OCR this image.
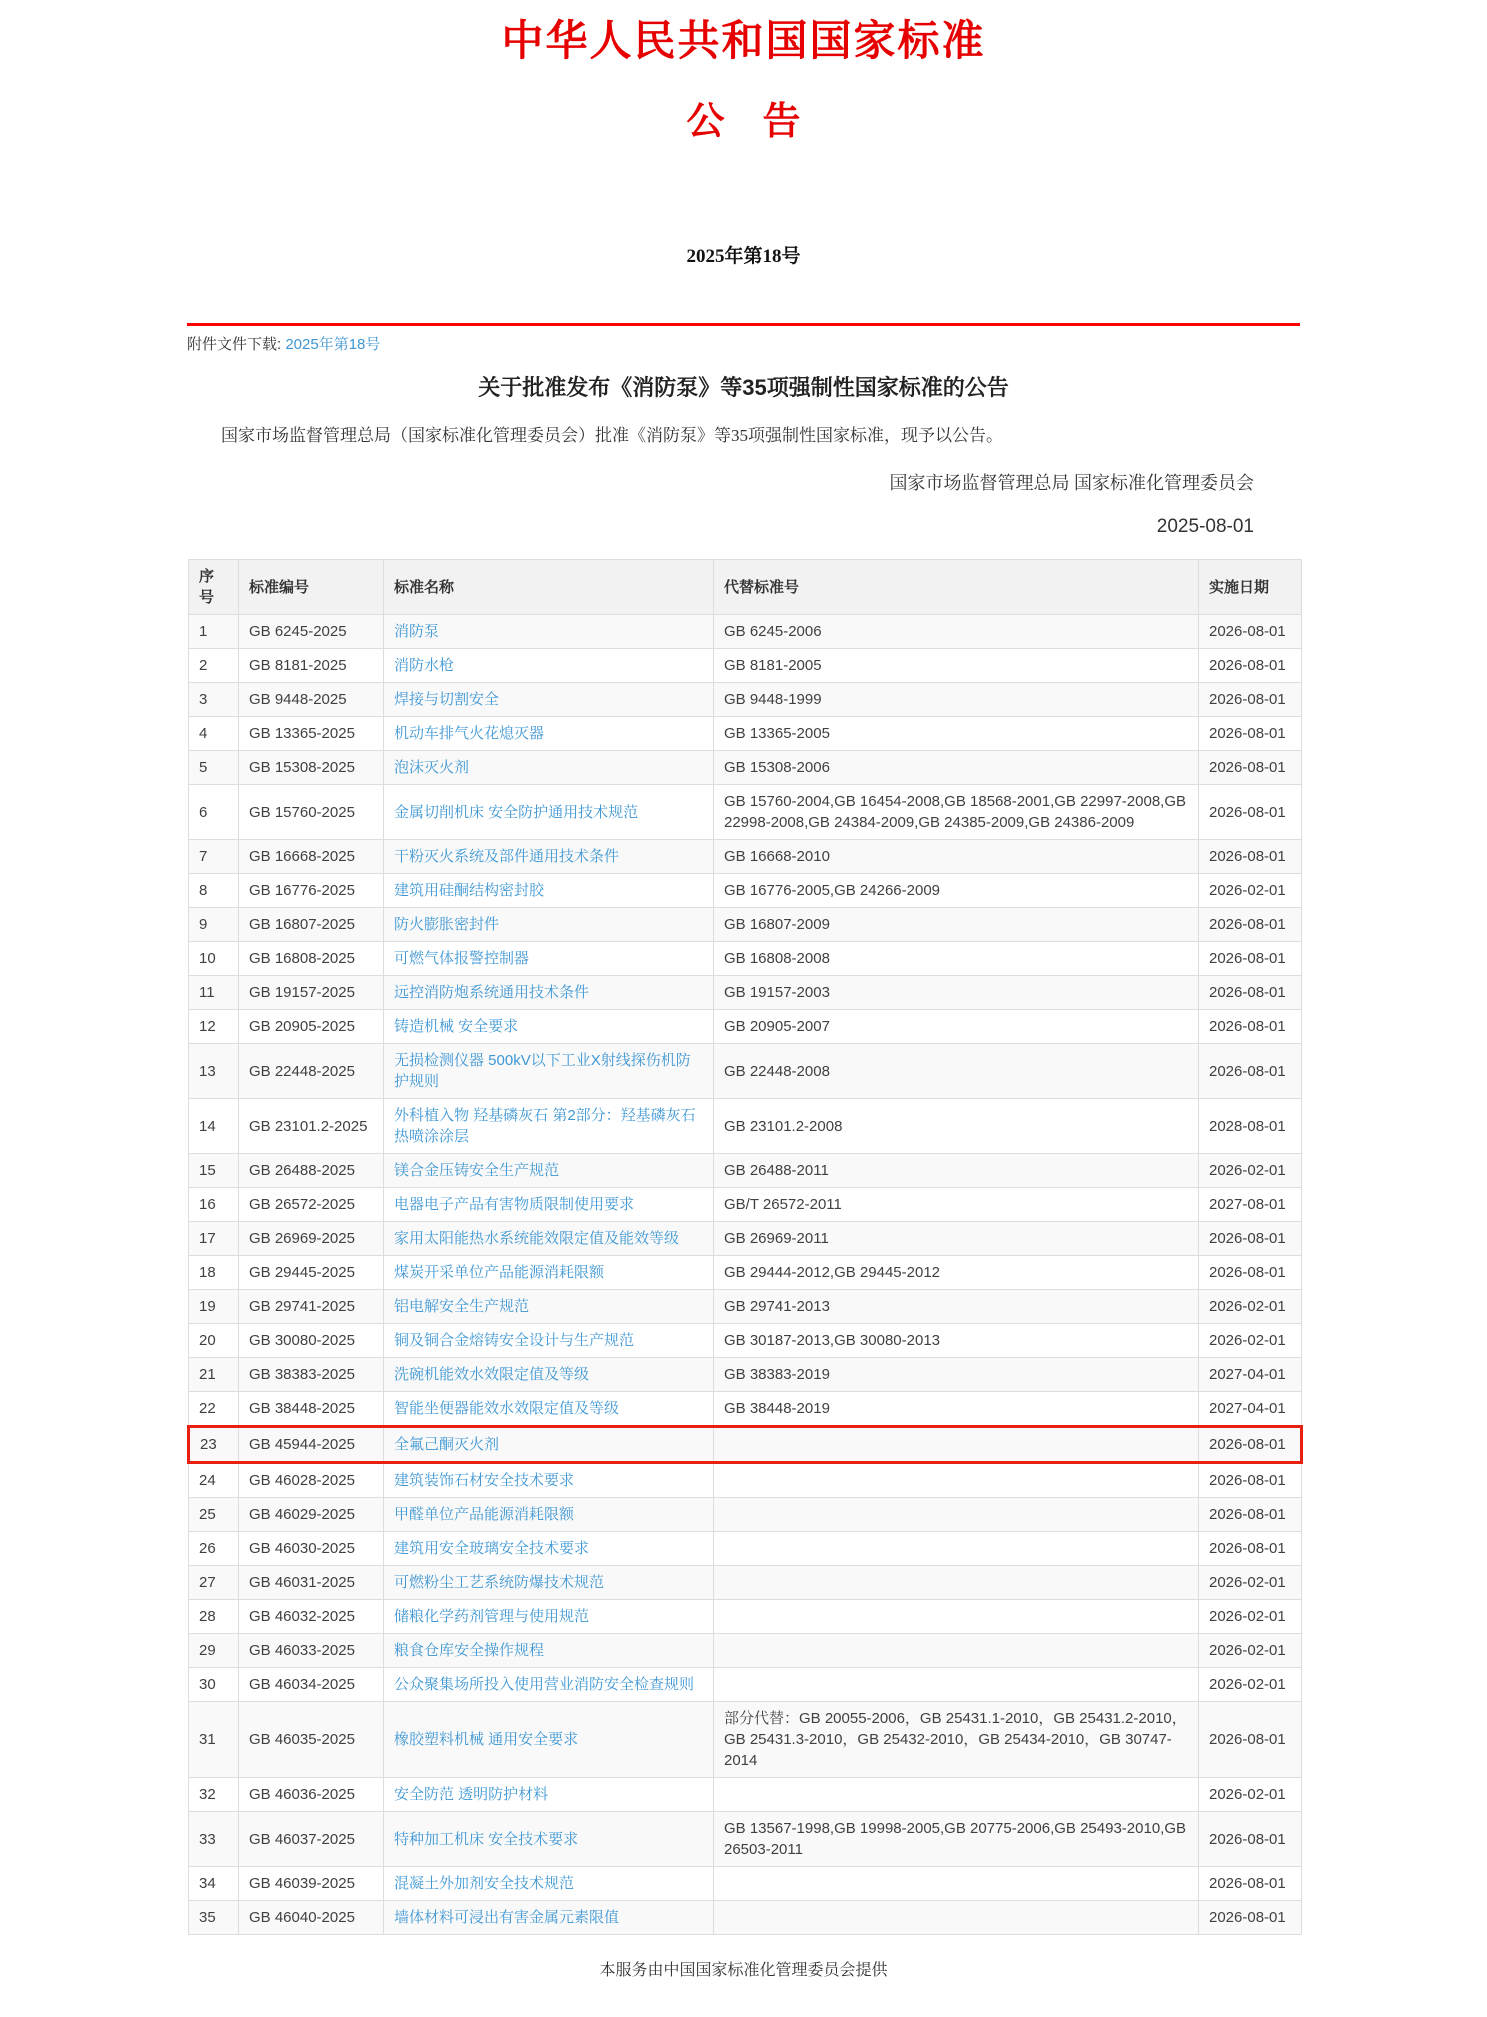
中华人民共和国国家标准
公　告
2025年第18号
附件文件下载: 2025年第18号
关于批准发布《消防泵》等35项强制性国家标准的公告

国家市场监督管理总局（国家标准化管理委员会）批准《消防泵》等35项强制性国家标准，现予以公告。

国家市场监督管理总局 国家标准化管理委员会
2025-08-01
序号	标准编号	标准名称	代替标准号	实施日期
1	GB 6245-2025	消防泵	GB 6245-2006	2026-08-01
2	GB 8181-2025	消防水枪	GB 8181-2005	2026-08-01
3	GB 9448-2025	焊接与切割安全	GB 9448-1999	2026-08-01
4	GB 13365-2025	机动车排气火花熄灭器	GB 13365-2005	2026-08-01
5	GB 15308-2025	泡沫灭火剂	GB 15308-2006	2026-08-01
6	GB 15760-2025	金属切削机床 安全防护通用技术规范	GB 15760-2004,GB 16454-2008,GB 18568-2001,GB 22997-2008,GB 22998-2008,GB 24384-2009,GB 24385-2009,GB 24386-2009	2026-08-01
7	GB 16668-2025	干粉灭火系统及部件通用技术条件	GB 16668-2010	2026-08-01
8	GB 16776-2025	建筑用硅酮结构密封胶	GB 16776-2005,GB 24266-2009	2026-02-01
9	GB 16807-2025	防火膨胀密封件	GB 16807-2009	2026-08-01
10	GB 16808-2025	可燃气体报警控制器	GB 16808-2008	2026-08-01
11	GB 19157-2025	远控消防炮系统通用技术条件	GB 19157-2003	2026-08-01
12	GB 20905-2025	铸造机械 安全要求	GB 20905-2007	2026-08-01
13	GB 22448-2025	无损检测仪器 500kV以下工业X射线探伤机防护规则	GB 22448-2008	2026-08-01
14	GB 23101.2-2025	外科植入物 羟基磷灰石 第2部分：羟基磷灰石热喷涂涂层	GB 23101.2-2008	2028-08-01
15	GB 26488-2025	镁合金压铸安全生产规范	GB 26488-2011	2026-02-01
16	GB 26572-2025	电器电子产品有害物质限制使用要求	GB/T 26572-2011	2027-08-01
17	GB 26969-2025	家用太阳能热水系统能效限定值及能效等级	GB 26969-2011	2026-08-01
18	GB 29445-2025	煤炭开采单位产品能源消耗限额	GB 29444-2012,GB 29445-2012	2026-08-01
19	GB 29741-2025	铝电解安全生产规范	GB 29741-2013	2026-02-01
20	GB 30080-2025	铜及铜合金熔铸安全设计与生产规范	GB 30187-2013,GB 30080-2013	2026-02-01
21	GB 38383-2025	洗碗机能效水效限定值及等级	GB 38383-2019	2027-04-01
22	GB 38448-2025	智能坐便器能效水效限定值及等级	GB 38448-2019	2027-04-01
23	GB 45944-2025	全氟己酮灭火剂		2026-08-01
24	GB 46028-2025	建筑装饰石材安全技术要求		2026-08-01
25	GB 46029-2025	甲醛单位产品能源消耗限额		2026-08-01
26	GB 46030-2025	建筑用安全玻璃安全技术要求		2026-08-01
27	GB 46031-2025	可燃粉尘工艺系统防爆技术规范		2026-02-01
28	GB 46032-2025	储粮化学药剂管理与使用规范		2026-02-01
29	GB 46033-2025	粮食仓库安全操作规程		2026-02-01
30	GB 46034-2025	公众聚集场所投入使用营业消防安全检查规则		2026-02-01
31	GB 46035-2025	橡胶塑料机械 通用安全要求	部分代替：GB 20055-2006，GB 25431.1-2010，GB 25431.2-2010，GB 25431.3-2010，GB 25432-2010，GB 25434-2010，GB 30747-2014	2026-08-01
32	GB 46036-2025	安全防范 透明防护材料		2026-02-01
33	GB 46037-2025	特种加工机床 安全技术要求	GB 13567-1998,GB 19998-2005,GB 20775-2006,GB 25493-2010,GB 26503-2011	2026-08-01
34	GB 46039-2025	混凝土外加剂安全技术规范		2026-08-01
35	GB 46040-2025	墙体材料可浸出有害金属元素限值		2026-08-01
本服务由中国国家标准化管理委员会提供
